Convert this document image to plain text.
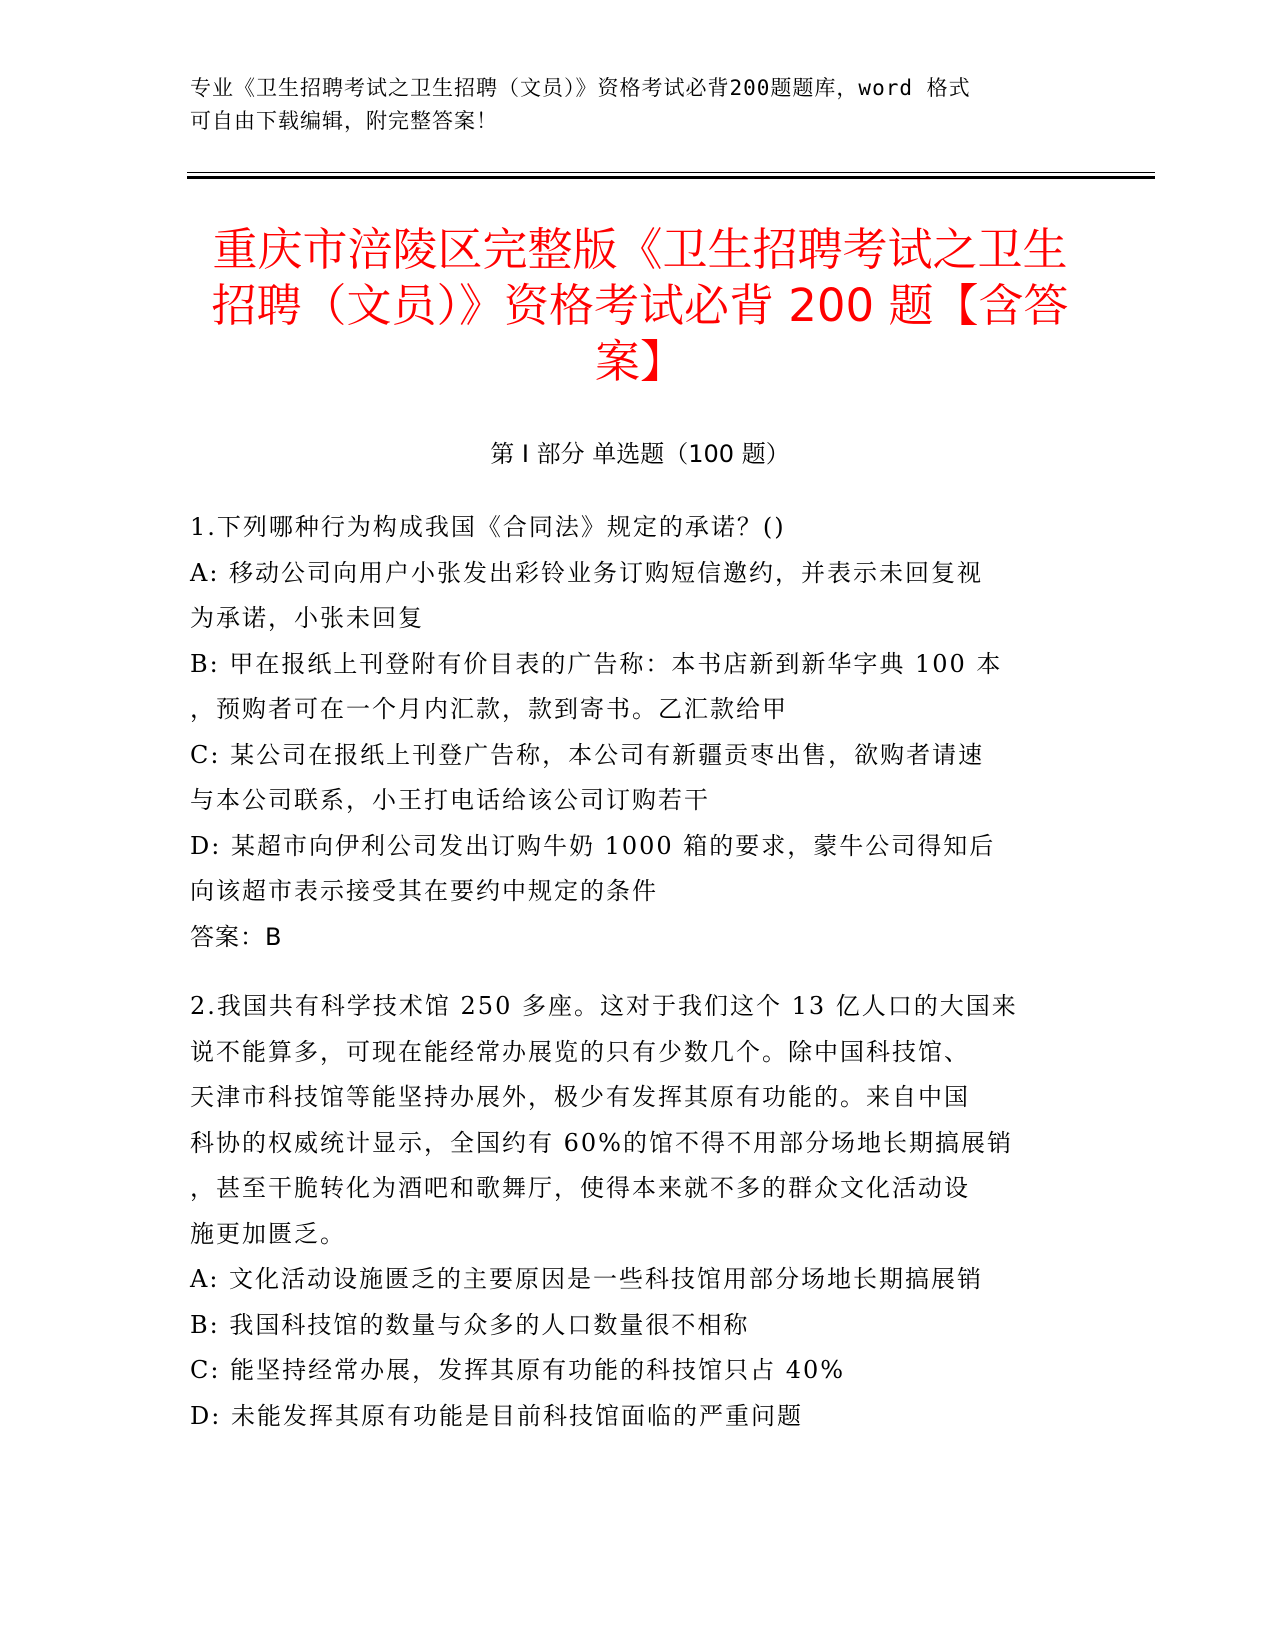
专业《卫生招聘考试之卫生招聘（文员）》资格考试必背200题题库，word 格式
可自由下载编辑，附完整答案！
重庆市涪陵区完整版《卫生招聘考试之卫生
招聘（文员）》资格考试必背 200 题【含答
案】
第 I 部分 单选题（100 题）

1.下列哪种行为构成我国《合同法》规定的承诺？()

A: 移动公司向用户小张发出彩铃业务订购短信邀约，并表示未回复视

为承诺，小张未回复

B: 甲在报纸上刊登附有价目表的广告称：本书店新到新华字典 100 本

，预购者可在一个月内汇款，款到寄书。乙汇款给甲

C: 某公司在报纸上刊登广告称，本公司有新疆贡枣出售，欲购者请速

与本公司联系，小王打电话给该公司订购若干

D: 某超市向伊利公司发出订购牛奶 1000 箱的要求，蒙牛公司得知后

向该超市表示接受其在要约中规定的条件

答案：B

2.我国共有科学技术馆 250 多座。这对于我们这个 13 亿人口的大国来

说不能算多，可现在能经常办展览的只有少数几个。除中国科技馆、

天津市科技馆等能坚持办展外，极少有发挥其原有功能的。来自中国

科协的权威统计显示，全国约有 60%的馆不得不用部分场地长期搞展销

，甚至干脆转化为酒吧和歌舞厅，使得本来就不多的群众文化活动设

施更加匮乏。

A: 文化活动设施匮乏的主要原因是一些科技馆用部分场地长期搞展销

B: 我国科技馆的数量与众多的人口数量很不相称

C: 能坚持经常办展，发挥其原有功能的科技馆只占 40%

D: 未能发挥其原有功能是目前科技馆面临的严重问题
